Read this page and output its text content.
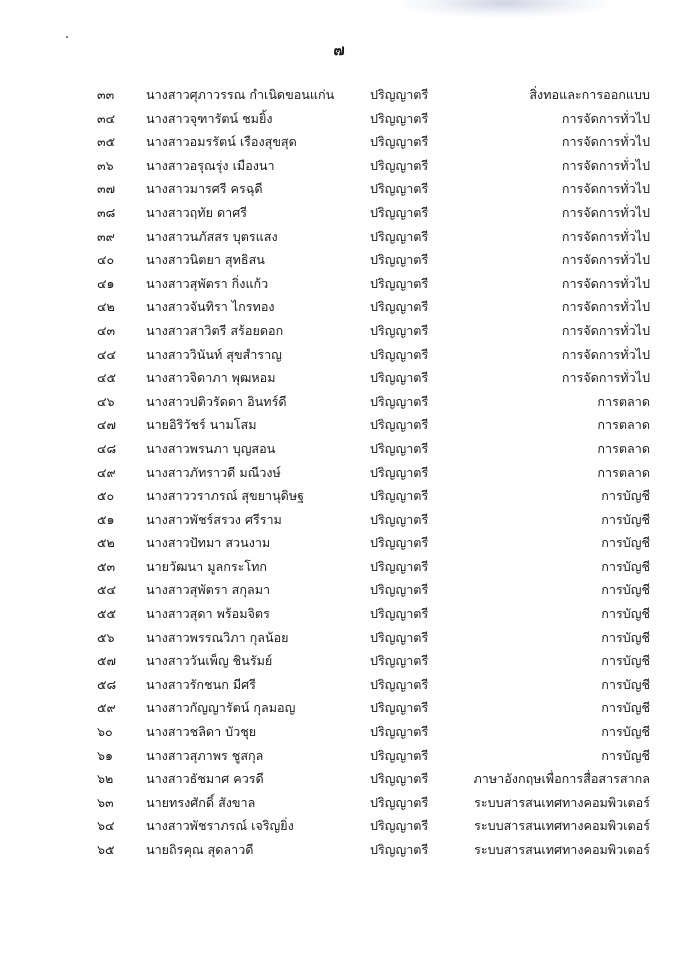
๗
๓๓	นางสาวศุภาวรรณ กำเนิดขอนแก่น	ปริญญาตรี	สิ่งทอและการออกแบบ
๓๔	นางสาวจุฑารัตน์ ชมยิ้ง	ปริญญาตรี	การจัดการทั่วไป
๓๕	นางสาวอมรรัตน์ เรืองสุขสุด	ปริญญาตรี	การจัดการทั่วไป
๓๖	นางสาวอรุณรุ่ง เมืองนา	ปริญญาตรี	การจัดการทั่วไป
๓๗	นางสาวมารศรี ครฉุดี	ปริญญาตรี	การจัดการทั่วไป
๓๘	นางสาวฤทัย ดาศรี	ปริญญาตรี	การจัดการทั่วไป
๓๙	นางสาวนภัสสร บุตรแสง	ปริญญาตรี	การจัดการทั่วไป
๔๐	นางสาวนิตยา สุทธิสน	ปริญญาตรี	การจัดการทั่วไป
๔๑	นางสาวสุพัตรา กิ่งแก้ว	ปริญญาตรี	การจัดการทั่วไป
๔๒	นางสาวจันทิรา ไกรทอง	ปริญญาตรี	การจัดการทั่วไป
๔๓	นางสาวสาวิตรี สร้อยดอก	ปริญญาตรี	การจัดการทั่วไป
๔๔	นางสาววินันท์ สุขสำราญ	ปริญญาตรี	การจัดการทั่วไป
๔๕	นางสาวจิดาภา พุฒหอม	ปริญญาตรี	การจัดการทั่วไป
๔๖	นางสาวปติวรัดดา อินทร์ดี	ปริญญาตรี	การตลาด
๔๗	นายอิริวัชร์ นามโสม	ปริญญาตรี	การตลาด
๔๘	นางสาวพรนภา บุญสอน	ปริญญาตรี	การตลาด
๔๙	นางสาวภัทราวดี มณีวงษ์	ปริญญาตรี	การตลาด
๕๐	นางสาววราภรณ์ สุขยานุดิษฐ	ปริญญาตรี	การบัญชี
๕๑	นางสาวพัชร์สรวง ศรีราม	ปริญญาตรี	การบัญชี
๕๒	นางสาวปัทมา สวนงาม	ปริญญาตรี	การบัญชี
๕๓	นายวัฒนา มูลกระโทก	ปริญญาตรี	การบัญชี
๕๔	นางสาวสุพัตรา สกุลมา	ปริญญาตรี	การบัญชี
๕๕	นางสาวสุดา พร้อมจิตร	ปริญญาตรี	การบัญชี
๕๖	นางสาวพรรณวิภา กุลน้อย	ปริญญาตรี	การบัญชี
๕๗	นางสาววันเพ็ญ ชินรัมย์	ปริญญาตรี	การบัญชี
๕๘	นางสาวรักชนก มีศรี	ปริญญาตรี	การบัญชี
๕๙	นางสาวกัญญารัตน์ กุลมอญ	ปริญญาตรี	การบัญชี
๖๐	นางสาวชลิดา บัวชุย	ปริญญาตรี	การบัญชี
๖๑	นางสาวสุภาพร ชูสกุล	ปริญญาตรี	การบัญชี
๖๒	นางสาวธัชมาศ ควรดี	ปริญญาตรี	ภาษาอังกฤษเพื่อการสื่อสารสากล
๖๓	นายทรงศักดิ์ สังขาล	ปริญญาตรี	ระบบสารสนเทศทางคอมพิวเตอร์
๖๔	นางสาวพัชราภรณ์ เจริญยิ่ง	ปริญญาตรี	ระบบสารสนเทศทางคอมพิวเตอร์
๖๕	นายถิรคุณ สุดลาวดี	ปริญญาตรี	ระบบสารสนเทศทางคอมพิวเตอร์
